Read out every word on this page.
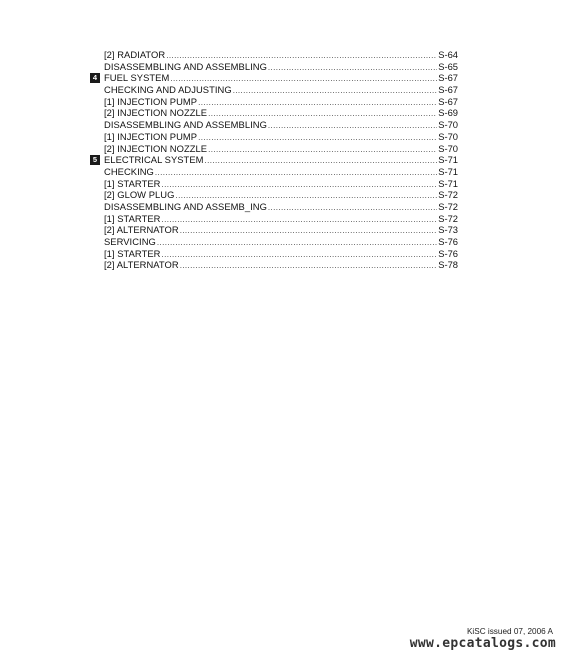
[2] RADIATOR .....	S-64
DISASSEMBLING AND ASSEMBLING .....	S-65
4 FUEL SYSTEM .....	S-67
CHECKING AND ADJUSTING .....	S-67
[1] INJECTION PUMP .....	S-67
[2] INJECTION NOZZLE .....	S-69
DISASSEMBLING AND ASSEMBLING .....	S-70
[1] INJECTION PUMP .....	S-70
[2] INJECTION NOZZLE .....	S-70
5 ELECTRICAL SYSTEM .....	S-71
CHECKING .....	S-71
[1] STARTER .....	S-71
[2] GLOW PLUG .....	S-72
DISASSEMBLING AND ASSEMB_ING .....	S-72
[1] STARTER .....	S-72
[2] ALTERNATOR .....	S-73
SERVICING .....	S-76
[1] STARTER .....	S-76
[2] ALTERNATOR .....	S-78
KiSC issued 07, 2006 A
www.epcatalogs.com
